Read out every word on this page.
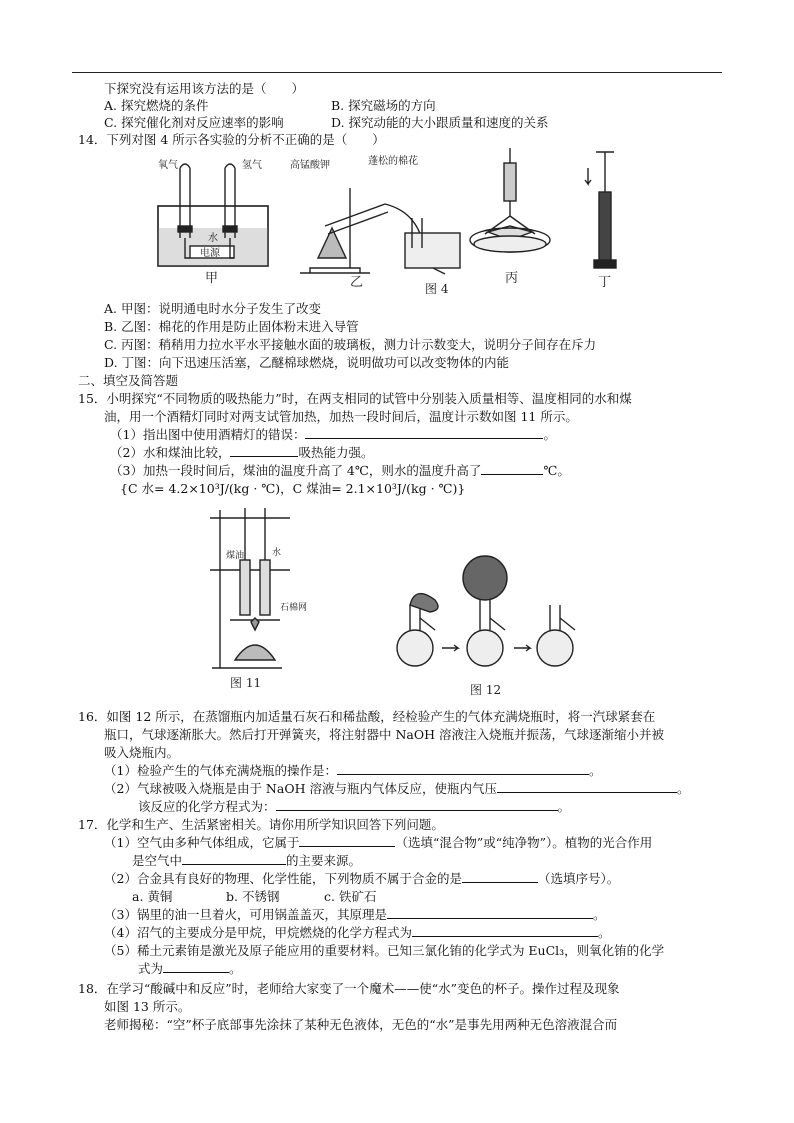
下探究没有运用该方法的是（　　）
A. 探究燃烧的条件	B. 探究磁场的方向
C. 探究催化剂对反应速率的影响	D. 探究动能的大小跟质量和速度的关系
14．下列对图 4 所示各实验的分析不正确的是（　　）
氧气	氢气
水
电源
甲
高锰酸钾	蓬松的棉花
乙	丙
图 4	丁
A. 甲图：说明通电时水分子发生了改变
B. 乙图：棉花的作用是防止固体粉末进入导管
C. 丙图：稍稍用力拉水平水平接触水面的玻璃板，测力计示数变大，说明分子间存在斥力
D. 丁图：向下迅速压活塞，乙醚棉球燃烧，说明做功可以改变物体的内能
二、填空及简答题
15．小明探究“不同物质的吸热能力”时，在两支相同的试管中分别装入质量相等、温度相同的水和煤
油，用一个酒精灯同时对两支试管加热，加热一段时间后，温度计示数如图 11 所示。
（1）指出图中使用酒精灯的错误：	。
（2）水和煤油比较，	吸热能力强。
（3）加热一段时间后，煤油的温度升高了 4℃，则水的温度升高了	℃。
{C 水= 4.2×10³J/(kg · ℃)，C 煤油= 2.1×10³J/(kg · ℃)}
煤油	水
石棉网
图 11	图 12
16．如图 12 所示，在蒸馏瓶内加适量石灰石和稀盐酸，经检验产生的气体充满烧瓶时，将一汽球紧套在
瓶口，气球逐渐胀大。然后打开弹簧夹，将注射器中 NaOH 溶液注入烧瓶并振荡，气球逐渐缩小并被
吸入烧瓶内。
（1）检验产生的气体充满烧瓶的操作是：	。
（2）气球被吸入烧瓶是由于 NaOH 溶液与瓶内气体反应，使瓶内气压	。
该反应的化学方程式为：	。
17．化学和生产、生活紧密相关。请你用所学知识回答下列问题。
（1）空气由多种气体组成，它属于	（选填“混合物”或“纯净物”）。植物的光合作用
是空气中	的主要来源。
（2）合金具有良好的物理、化学性能，下列物质不属于合金的是	（选填序号）。
a. 黄铜	b. 不锈钢	c. 铁矿石
（3）锅里的油一旦着火，可用锅盖盖灭，其原理是	。
（4）沼气的主要成分是甲烷，甲烷燃烧的化学方程式为	。
（5）稀土元素铕是激光及原子能应用的重要材料。已知三氯化铕的化学式为 EuCl₃，则氧化铕的化学
式为	。
18．在学习“酸碱中和反应”时，老师给大家变了一个魔术——使“水”变色的杯子。操作过程及现象
如图 13 所示。
老师揭秘：“空”杯子底部事先涂抹了某种无色液体，无色的“水”是事先用两种无色溶液混合而
